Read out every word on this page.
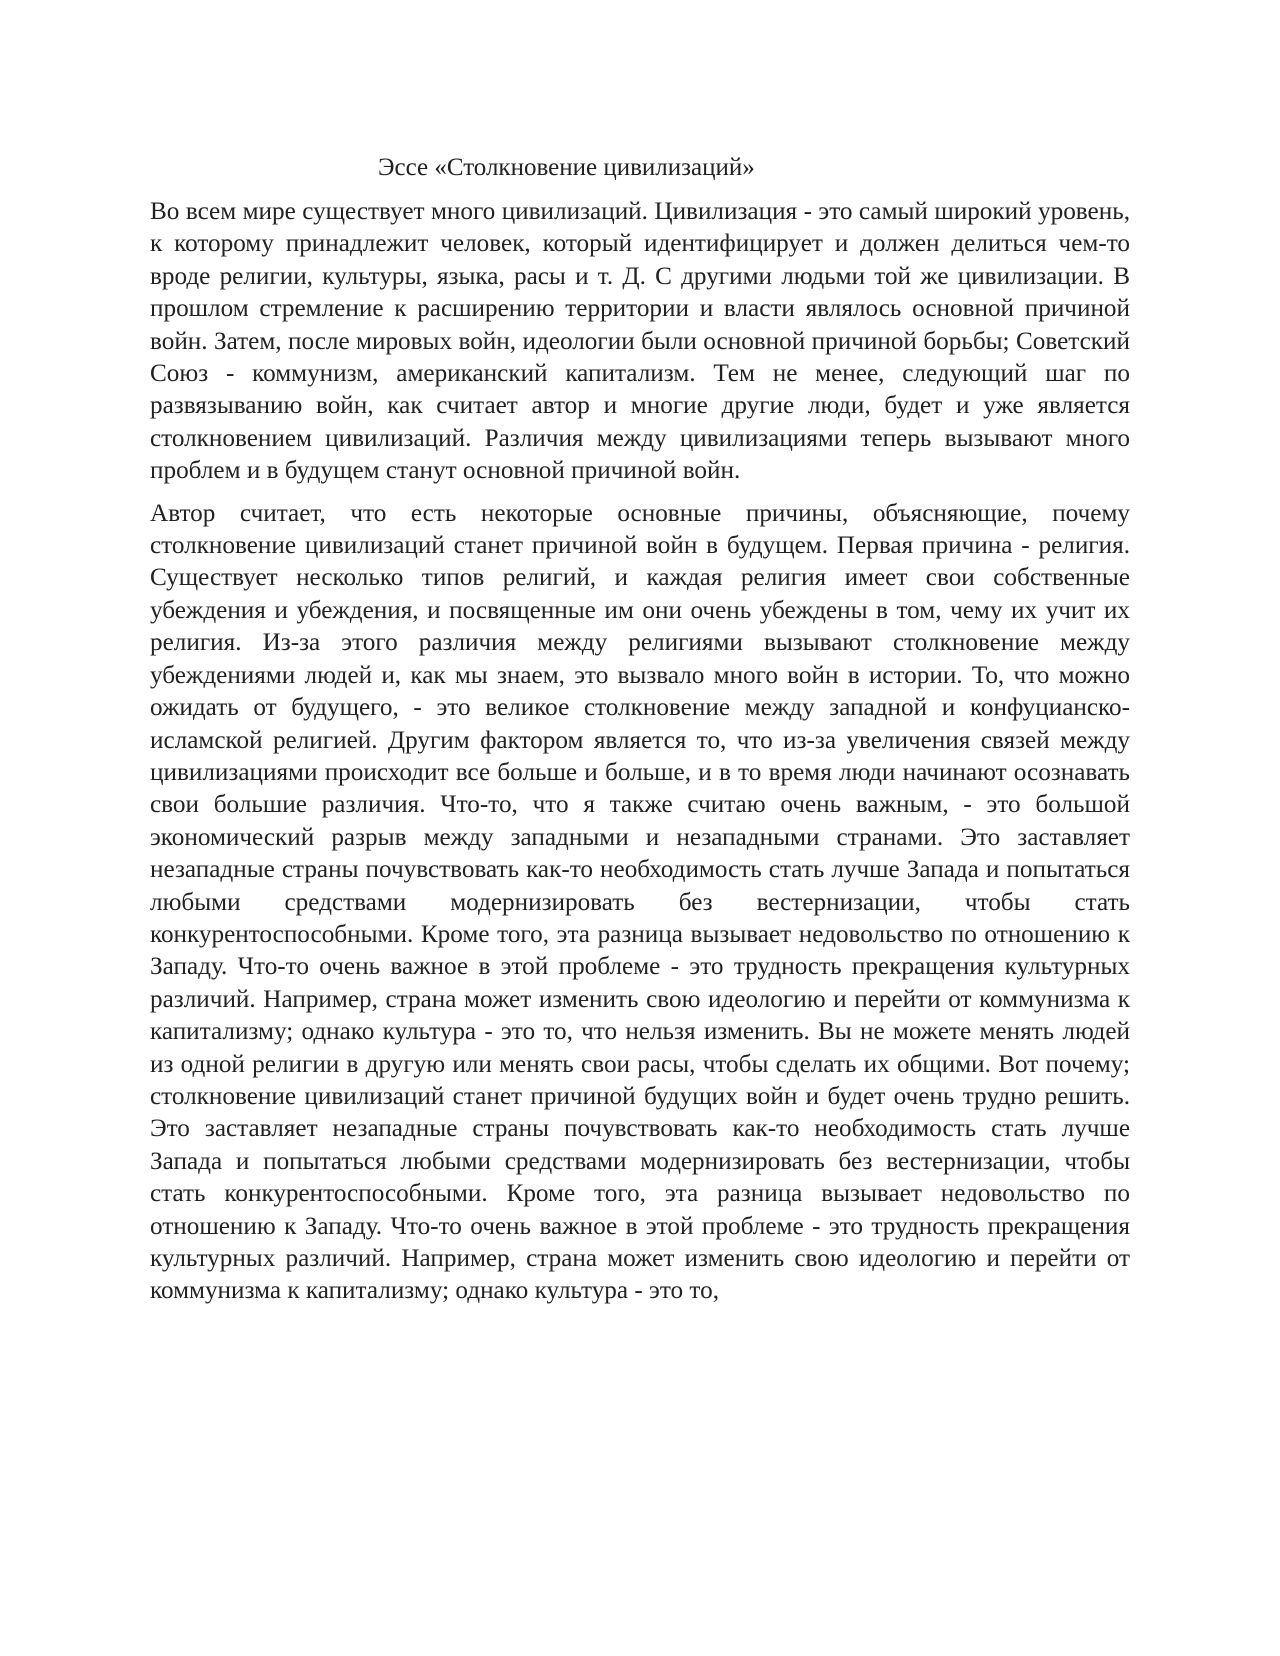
Эссе «Столкновение цивилизаций»

Во всем мире существует много цивилизаций. Цивилизация - это самый широкий уровень, к которому принадлежит человек, который идентифицирует и должен делиться чем-то вроде религии, культуры, языка, расы и т. Д. С другими людьми той же цивилизации. В прошлом стремление к расширению территории и власти являлось основной причиной войн. Затем, после мировых войн, идеологии были основной причиной борьбы; Советский Союз - коммунизм, американский капитализм. Тем не менее, следующий шаг по развязыванию войн, как считает автор и многие другие люди, будет и уже является столкновением цивилизаций. Различия между цивилизациями теперь вызывают много проблем и в будущем станут основной причиной войн.

Автор считает, что есть некоторые основные причины, объясняющие, почему столкновение цивилизаций станет причиной войн в будущем. Первая причина - религия. Существует несколько типов религий, и каждая религия имеет свои собственные убеждения и убеждения, и посвященные им они очень убеждены в том, чему их учит их религия. Из-за этого различия между религиями вызывают столкновение между убеждениями людей и, как мы знаем, это вызвало много войн в истории. То, что можно ожидать от будущего, - это великое столкновение между западной и конфуцианско-исламской религией. Другим фактором является то, что из-за увеличения связей между цивилизациями происходит все больше и больше, и в то время люди начинают осознавать свои большие различия. Что-то, что я также считаю очень важным, - это большой экономический разрыв между западными и незападными странами. Это заставляет незападные страны почувствовать как-то необходимость стать лучше Запада и попытаться любыми средствами модернизировать без вестернизации, чтобы стать конкурентоспособными. Кроме того, эта разница вызывает недовольство по отношению к Западу. Что-то очень важное в этой проблеме - это трудность прекращения культурных различий. Например, страна может изменить свою идеологию и перейти от коммунизма к капитализму; однако культура - это то, что нельзя изменить. Вы не можете менять людей из одной религии в другую или менять свои расы, чтобы сделать их общими. Вот почему; столкновение цивилизаций станет причиной будущих войн и будет очень трудно решить. Это заставляет незападные страны почувствовать как-то необходимость стать лучше Запада и попытаться любыми средствами модернизировать без вестернизации, чтобы стать конкурентоспособными. Кроме того, эта разница вызывает недовольство по отношению к Западу. Что-то очень важное в этой проблеме - это трудность прекращения культурных различий. Например, страна может изменить свою идеологию и перейти от коммунизма к капитализму; однако культура - это то,
